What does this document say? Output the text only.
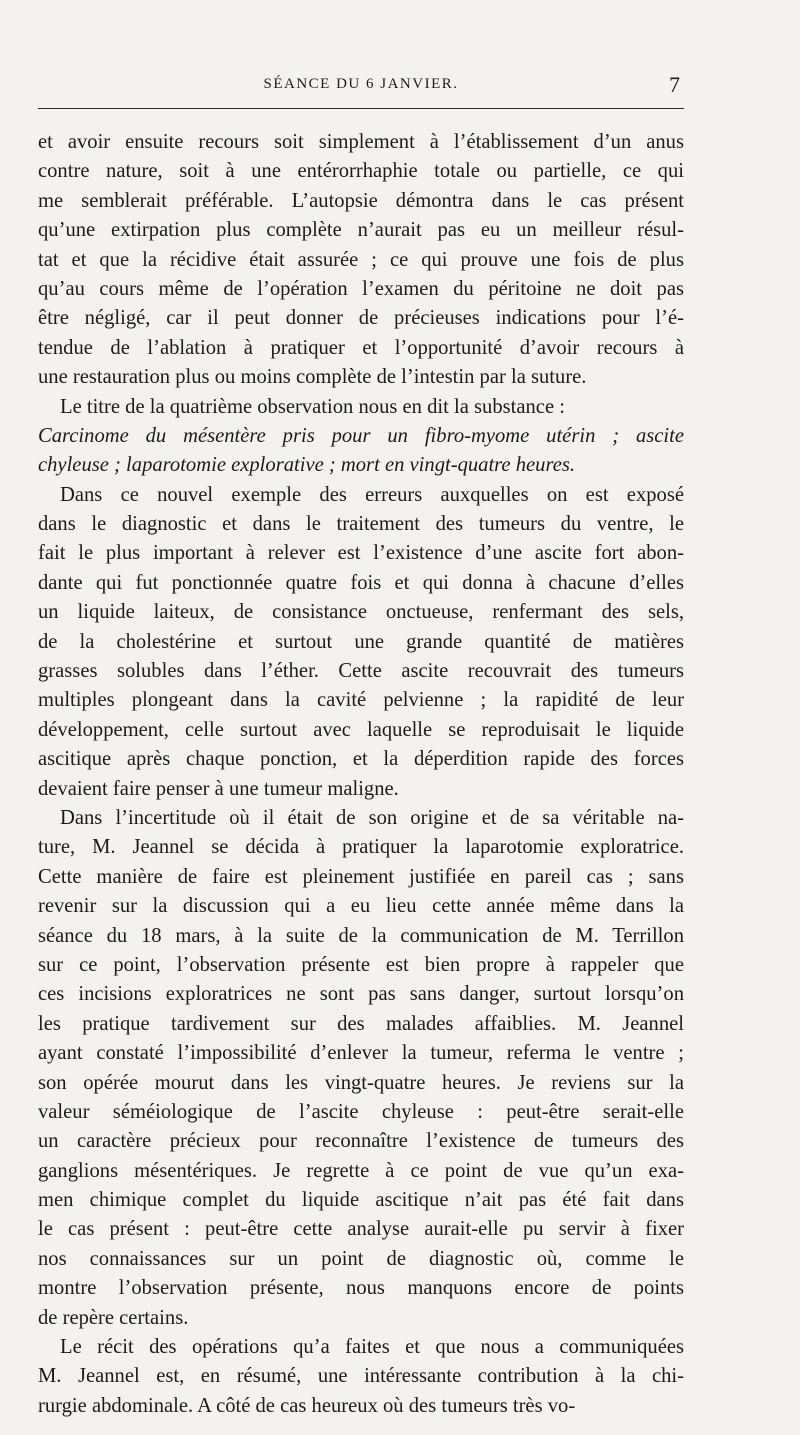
SÉANCE DU 6 JANVIER.	7
et avoir ensuite recours soit simplement à l’établissement d’un anus
contre nature, soit à une entérorrhaphie totale ou partielle, ce qui
me semblerait préférable. L’autopsie démontra dans le cas présent
qu’une extirpation plus complète n’aurait pas eu un meilleur résul-
tat et que la récidive était assurée ; ce qui prouve une fois de plus
qu’au cours même de l’opération l’examen du péritoine ne doit pas
être négligé, car il peut donner de précieuses indications pour l’é-
tendue de l’ablation à pratiquer et l’opportunité d’avoir recours à
une restauration plus ou moins complète de l’intestin par la suture.
Le titre de la quatrième observation nous en dit la substance :
Carcinome du mésentère pris pour un fibro-myome utérin ; ascite
chyleuse ; laparotomie explorative ; mort en vingt-quatre heures.
Dans ce nouvel exemple des erreurs auxquelles on est exposé
dans le diagnostic et dans le traitement des tumeurs du ventre, le
fait le plus important à relever est l’existence d’une ascite fort abon-
dante qui fut ponctionnée quatre fois et qui donna à chacune d’elles
un liquide laiteux, de consistance onctueuse, renfermant des sels,
de la cholestérine et surtout une grande quantité de matières
grasses solubles dans l’éther. Cette ascite recouvrait des tumeurs
multiples plongeant dans la cavité pelvienne ; la rapidité de leur
développement, celle surtout avec laquelle se reproduisait le liquide
ascitique après chaque ponction, et la déperdition rapide des forces
devaient faire penser à une tumeur maligne.
Dans l’incertitude où il était de son origine et de sa véritable na-
ture, M. Jeannel se décida à pratiquer la laparotomie exploratrice.
Cette manière de faire est pleinement justifiée en pareil cas ; sans
revenir sur la discussion qui a eu lieu cette année même dans la
séance du 18 mars, à la suite de la communication de M. Terrillon
sur ce point, l’observation présente est bien propre à rappeler que
ces incisions exploratrices ne sont pas sans danger, surtout lorsqu’on
les pratique tardivement sur des malades affaiblies. M. Jeannel
ayant constaté l’impossibilité d’enlever la tumeur, referma le ventre ;
son opérée mourut dans les vingt-quatre heures. Je reviens sur la
valeur séméiologique de l’ascite chyleuse : peut-être serait-elle
un caractère précieux pour reconnaître l’existence de tumeurs des
ganglions mésentériques. Je regrette à ce point de vue qu’un exa-
men chimique complet du liquide ascitique n’ait pas été fait dans
le cas présent : peut-être cette analyse aurait-elle pu servir à fixer
nos connaissances sur un point de diagnostic où, comme le
montre l’observation présente, nous manquons encore de points
de repère certains.
Le récit des opérations qu’a faites et que nous a communiquées
M. Jeannel est, en résumé, une intéressante contribution à la chi-
rurgie abdominale. A côté de cas heureux où des tumeurs très vo-
